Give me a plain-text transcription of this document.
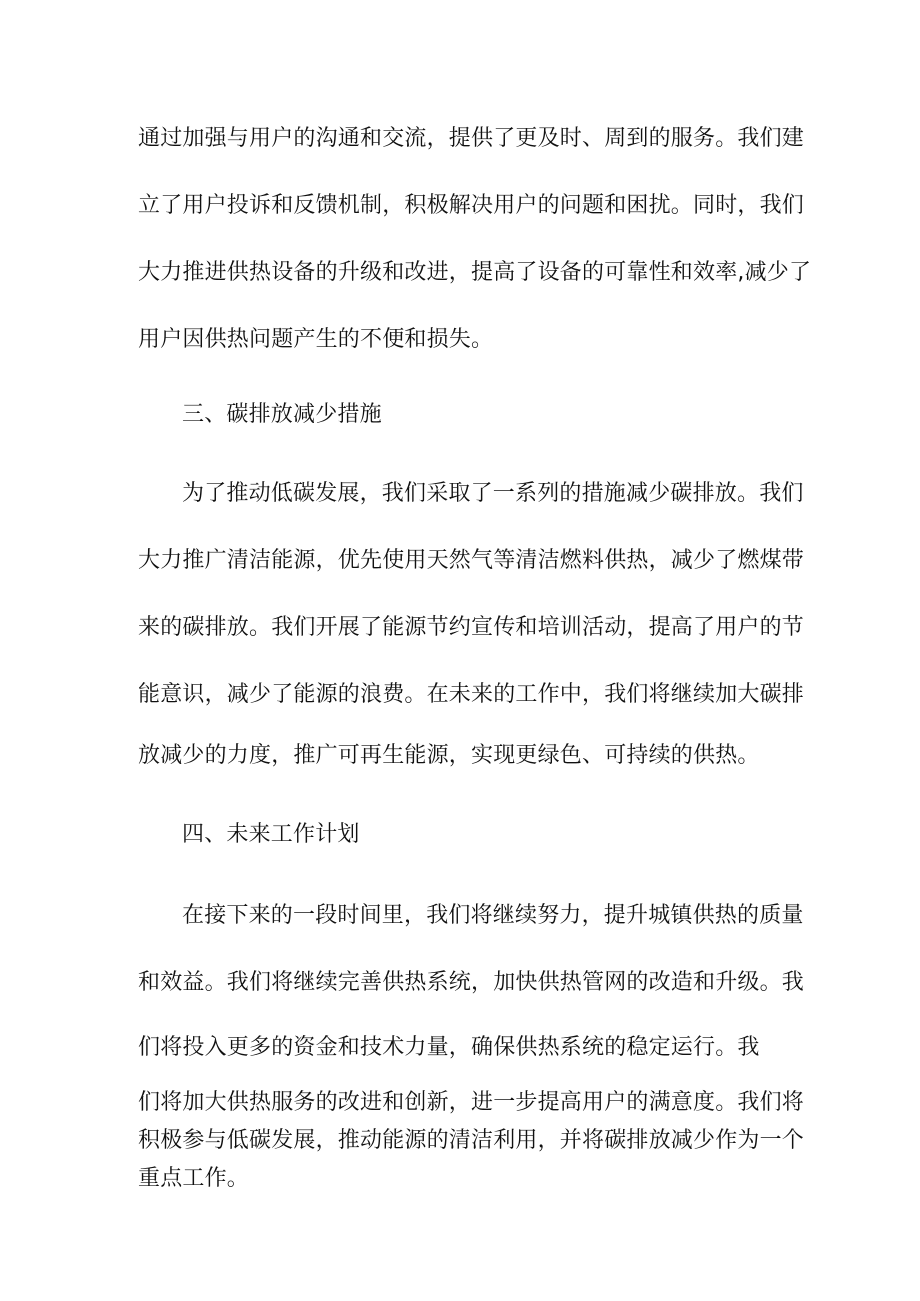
通过加强与用户的沟通和交流，提供了更及时、周到的服务。我们建
立了用户投诉和反馈机制，积极解决用户的问题和困扰。同时，我们
大力推进供热设备的升级和改进，提高了设备的可靠性和效率,减少了
用户因供热问题产生的不便和损失。
三、碳排放减少措施
为了推动低碳发展，我们采取了一系列的措施减少碳排放。我们
大力推广清洁能源，优先使用天然气等清洁燃料供热，减少了燃煤带
来的碳排放。我们开展了能源节约宣传和培训活动，提高了用户的节
能意识，减少了能源的浪费。在未来的工作中，我们将继续加大碳排
放减少的力度，推广可再生能源，实现更绿色、可持续的供热。
四、未来工作计划
在接下来的一段时间里，我们将继续努力，提升城镇供热的质量
和效益。我们将继续完善供热系统，加快供热管网的改造和升级。我
们将投入更多的资金和技术力量，确保供热系统的稳定运行。我
们将加大供热服务的改进和创新，进一步提高用户的满意度。我们将
积极参与低碳发展，推动能源的清洁利用，并将碳排放减少作为一个
重点工作。
